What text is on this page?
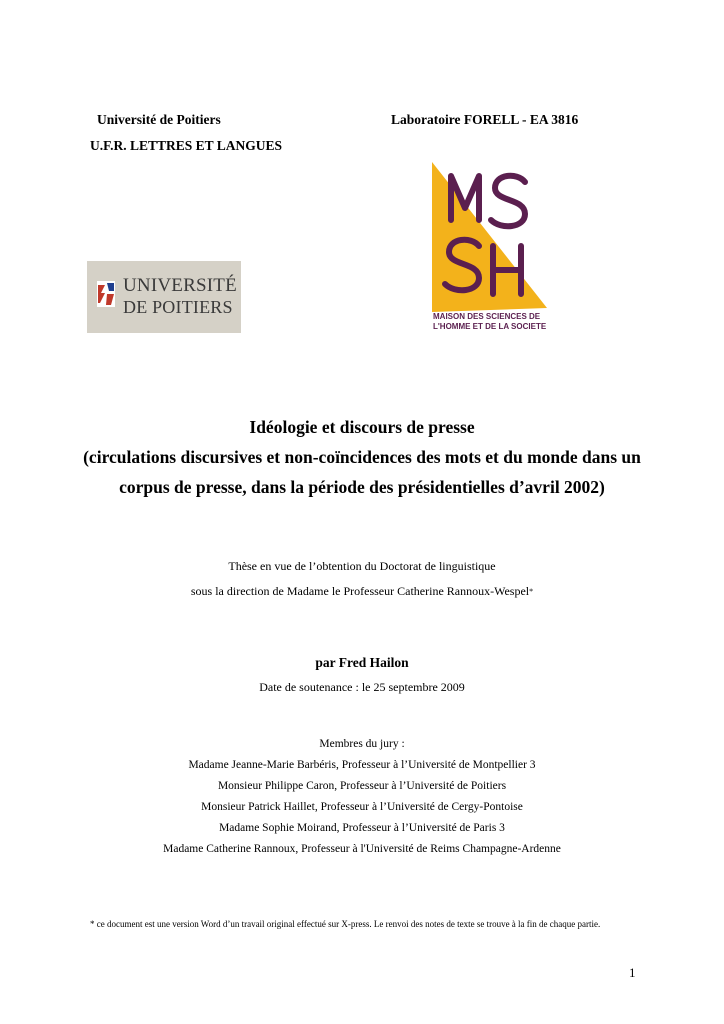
Université de Poitiers	Laboratoire FORELL - EA 3816
U.F.R. LETTRES ET LANGUES
UNIVERSITÉ
DE POITIERS	MAISON DES SCIENCES DE
L'HOMME ET DE LA SOCIETE
Idéologie et discours de presse
(circulations discursives et non-coïncidences des mots et du monde dans un
corpus de presse, dans la période des présidentielles d’avril 2002)
Thèse en vue de l’obtention du Doctorat de linguistique
sous la direction de Madame le Professeur Catherine Rannoux-Wespel*
par Fred Hailon
Date de soutenance : le 25 septembre 2009
Membres du jury :
Madame Jeanne-Marie Barbéris, Professeur à l’Université de Montpellier 3
Monsieur Philippe Caron, Professeur à l’Université de Poitiers
Monsieur Patrick Haillet, Professeur à l’Université de Cergy-Pontoise
Madame Sophie Moirand, Professeur à l’Université de Paris 3
Madame Catherine Rannoux, Professeur à l'Université de Reims Champagne-Ardenne
* ce document est une version Word d’un travail original effectué sur X-press. Le renvoi des notes de texte se trouve à la fin de chaque partie.
1
